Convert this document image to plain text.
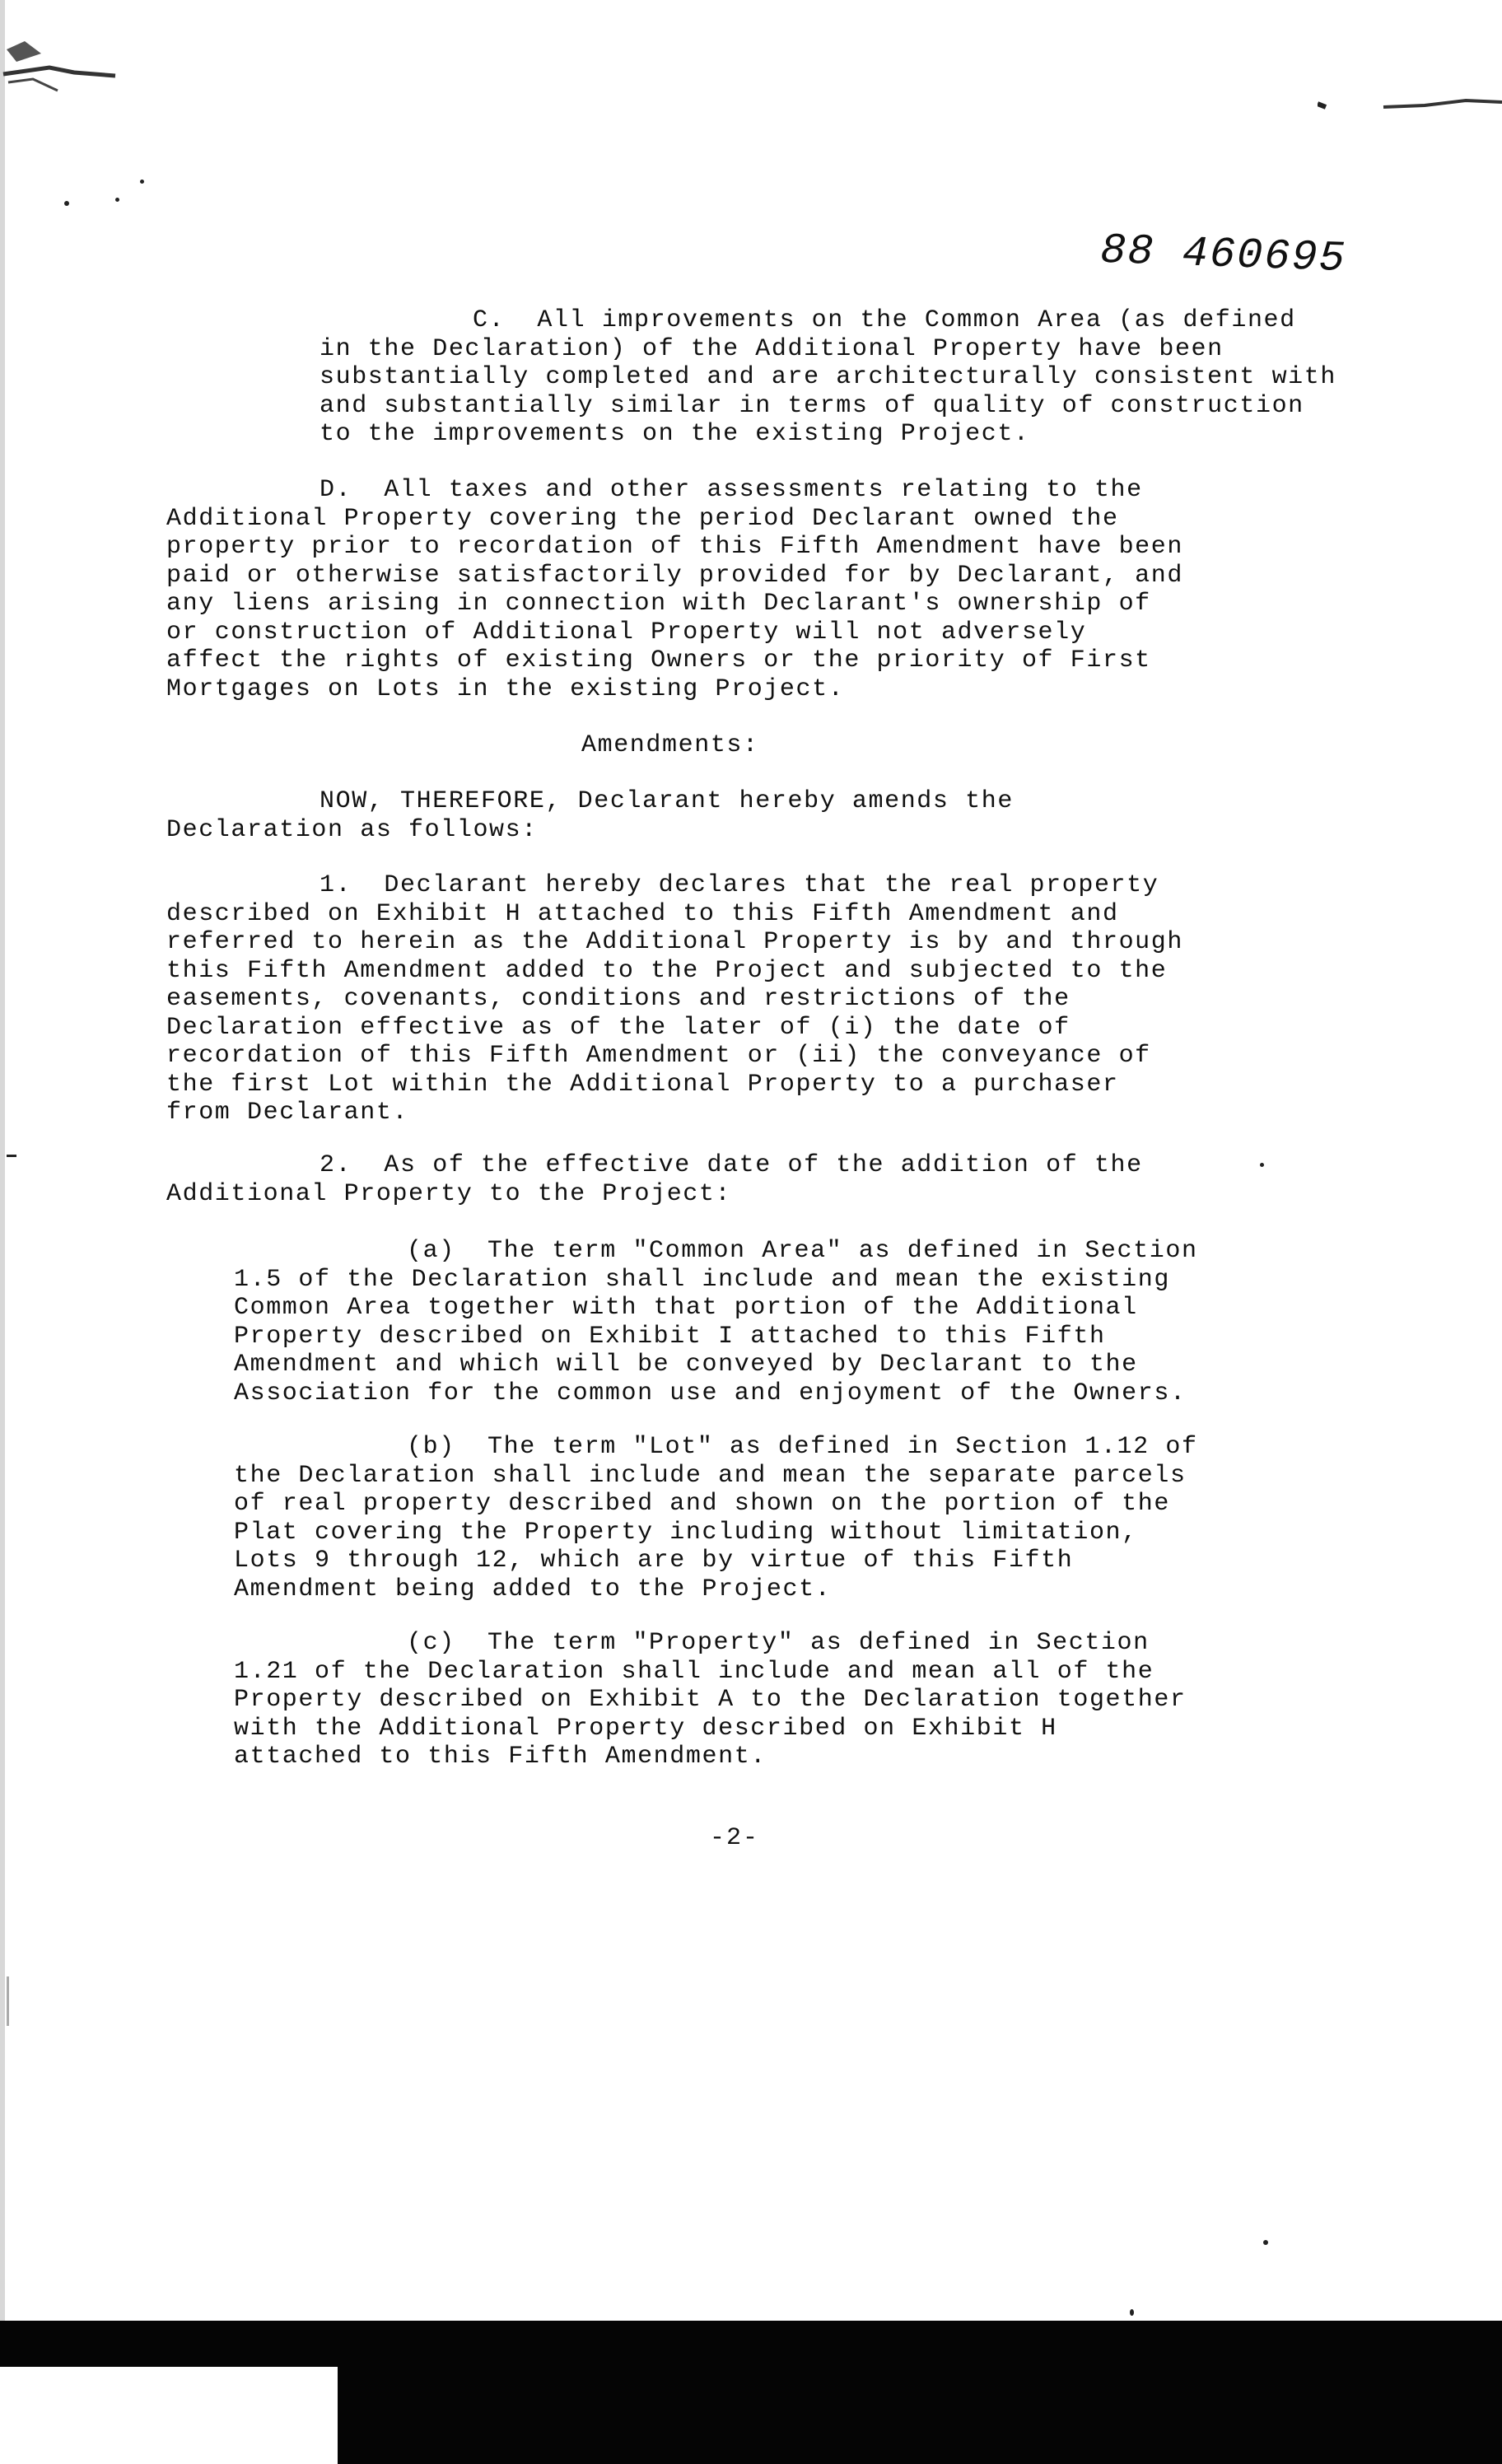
88 460695
C.  All improvements on the Common Area (as defined
in the Declaration) of the Additional Property have been
substantially completed and are architecturally consistent with
and substantially similar in terms of quality of construction
to the improvements on the existing Project.
D.  All taxes and other assessments relating to the
Additional Property covering the period Declarant owned the
property prior to recordation of this Fifth Amendment have been
paid or otherwise satisfactorily provided for by Declarant, and
any liens arising in connection with Declarant's ownership of
or construction of Additional Property will not adversely
affect the rights of existing Owners or the priority of First
Mortgages on Lots in the existing Project.
Amendments:
NOW, THEREFORE, Declarant hereby amends the
Declaration as follows:
1.  Declarant hereby declares that the real property
described on Exhibit H attached to this Fifth Amendment and
referred to herein as the Additional Property is by and through
this Fifth Amendment added to the Project and subjected to the
easements, covenants, conditions and restrictions of the
Declaration effective as of the later of (i) the date of
recordation of this Fifth Amendment or (ii) the conveyance of
the first Lot within the Additional Property to a purchaser
from Declarant.
2.  As of the effective date of the addition of the
Additional Property to the Project:
(a)  The term "Common Area" as defined in Section
1.5 of the Declaration shall include and mean the existing
Common Area together with that portion of the Additional
Property described on Exhibit I attached to this Fifth
Amendment and which will be conveyed by Declarant to the
Association for the common use and enjoyment of the Owners.
(b)  The term "Lot" as defined in Section 1.12 of
the Declaration shall include and mean the separate parcels
of real property described and shown on the portion of the
Plat covering the Property including without limitation,
Lots 9 through 12, which are by virtue of this Fifth
Amendment being added to the Project.
(c)  The term "Property" as defined in Section
1.21 of the Declaration shall include and mean all of the
Property described on Exhibit A to the Declaration together
with the Additional Property described on Exhibit H
attached to this Fifth Amendment.
-2-
